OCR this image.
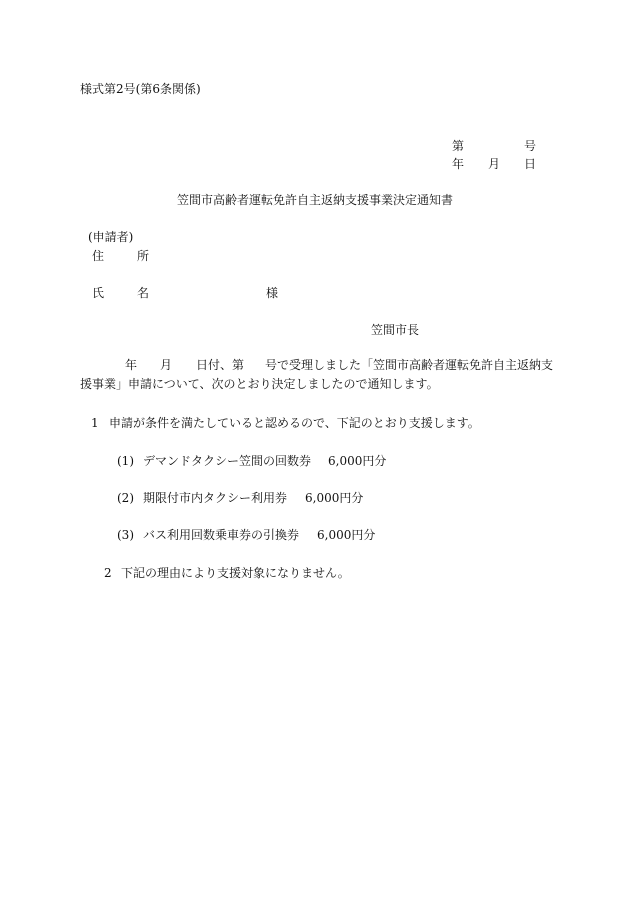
様式第2号(第6条関係)
第	号
年 月 日
笠間市高齢者運転免許自主返納支援事業決定通知書
(申請者)
住	所
氏	名	様
笠間市長
年 月 日付、第 号で受理しました「笠間市高齢者運転免許自主返納支
援事業」申請について、次のとおり決定しましたので通知します。
1 申請が条件を満たしていると認めるので、下記のとおり支援します。
(1) デマンドタクシー笠間の回数券 6,000円分
(2) 期限付市内タクシー利用券 6,000円分
(3) バス利用回数乗車券の引換券 6,000円分
2 下記の理由により支援対象になりません。
